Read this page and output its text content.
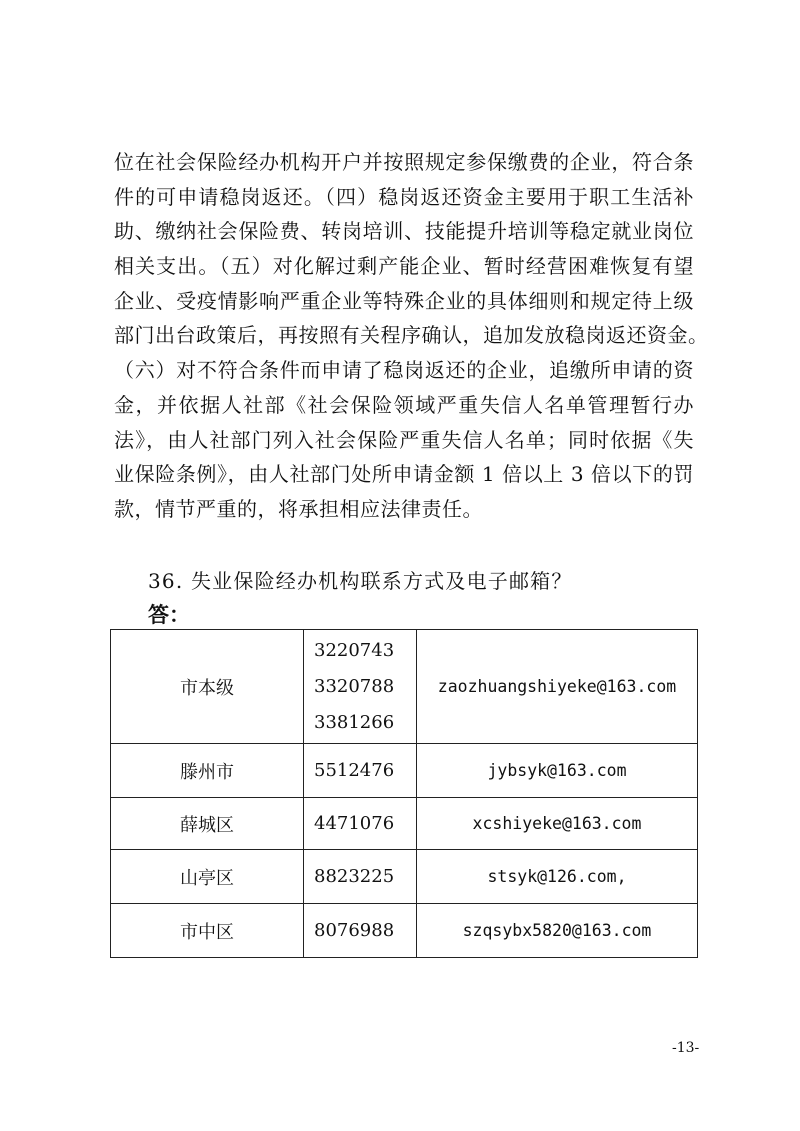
位在社会保险经办机构开户并按照规定参保缴费的企业，符合条
件的可申请稳岗返还。（四）稳岗返还资金主要用于职工生活补
助、缴纳社会保险费、转岗培训、技能提升培训等稳定就业岗位
相关支出。（五）对化解过剩产能企业、暂时经营困难恢复有望
企业、受疫情影响严重企业等特殊企业的具体细则和规定待上级
部门出台政策后，再按照有关程序确认，追加发放稳岗返还资金。
（六）对不符合条件而申请了稳岗返还的企业，追缴所申请的资
金，并依据人社部《社会保险领域严重失信人名单管理暂行办
法》，由人社部门列入社会保险严重失信人名单；同时依据《失
业保险条例》，由人社部门处所申请金额 1 倍以上 3 倍以下的罚
款，情节严重的，将承担相应法律责任。
36. 失业保险经办机构联系方式及电子邮箱？
答：
市本级	3220743
3320788
3381266	zaozhuangshiyeke@163.com
滕州市	5512476	jybsyk@163.com
薛城区	4471076	xcshiyeke@163.com
山亭区	8823225	stsyk@126.com,
市中区	8076988	szqsybx5820@163.com
-13-
